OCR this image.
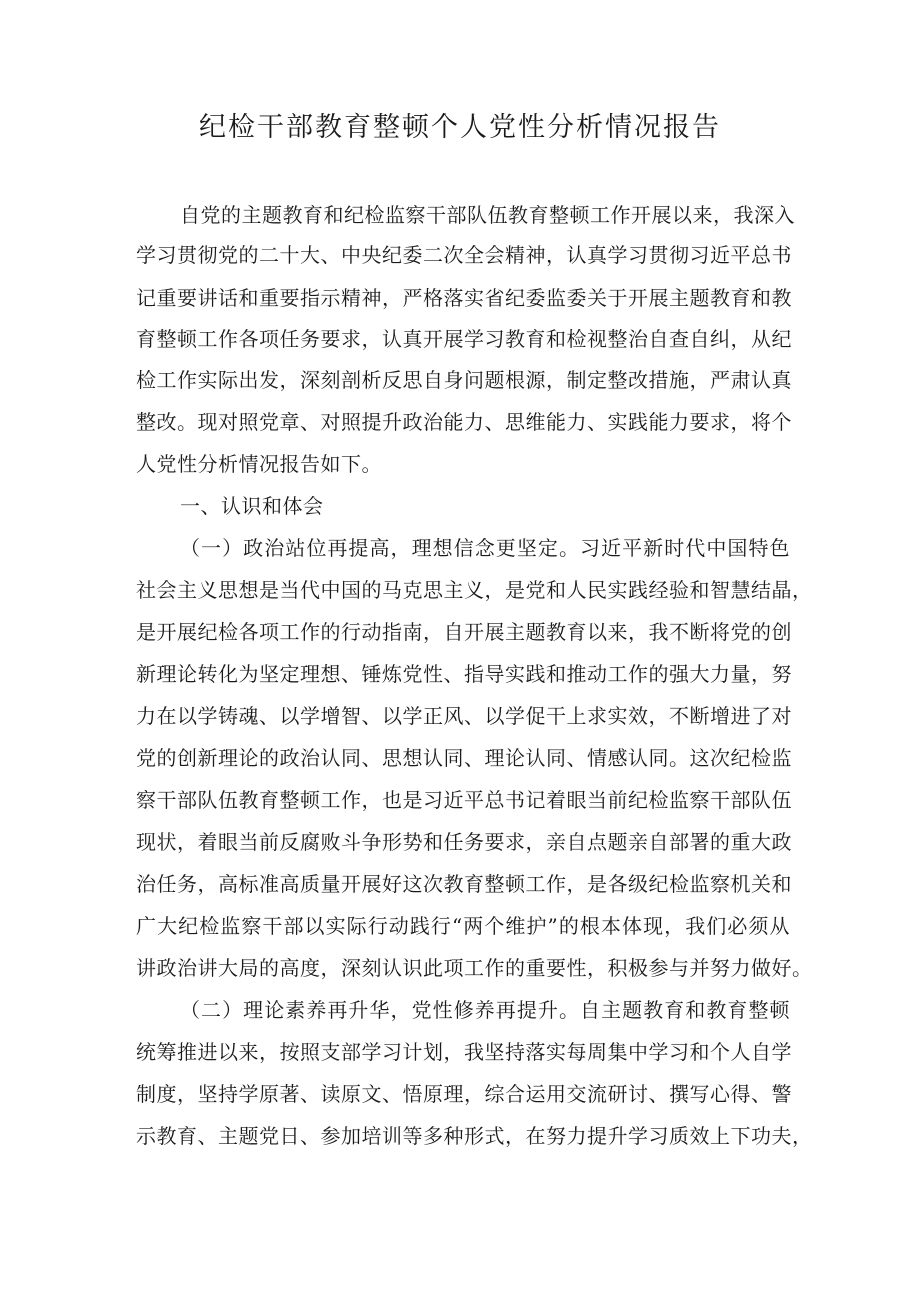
纪检干部教育整顿个人党性分析情况报告
自党的主题教育和纪检监察干部队伍教育整顿工作开展以来，我深入
学习贯彻党的二十大、中央纪委二次全会精神，认真学习贯彻习近平总书
记重要讲话和重要指示精神，严格落实省纪委监委关于开展主题教育和教
育整顿工作各项任务要求，认真开展学习教育和检视整治自查自纠，从纪
检工作实际出发，深刻剖析反思自身问题根源，制定整改措施，严肃认真
整改。现对照党章、对照提升政治能力、思维能力、实践能力要求，将个
人党性分析情况报告如下。
一、认识和体会
（一）政治站位再提高，理想信念更坚定。习近平新时代中国特色
社会主义思想是当代中国的马克思主义，是党和人民实践经验和智慧结晶，
是开展纪检各项工作的行动指南，自开展主题教育以来，我不断将党的创
新理论转化为坚定理想、锤炼党性、指导实践和推动工作的强大力量，努
力在以学铸魂、以学增智、以学正风、以学促干上求实效，不断增进了对
党的创新理论的政治认同、思想认同、理论认同、情感认同。这次纪检监
察干部队伍教育整顿工作，也是习近平总书记着眼当前纪检监察干部队伍
现状，着眼当前反腐败斗争形势和任务要求，亲自点题亲自部署的重大政
治任务，高标准高质量开展好这次教育整顿工作，是各级纪检监察机关和
广大纪检监察干部以实际行动践行“两个维护”的根本体现，我们必须从
讲政治讲大局的高度，深刻认识此项工作的重要性，积极参与并努力做好。
（二）理论素养再升华，党性修养再提升。自主题教育和教育整顿
统筹推进以来，按照支部学习计划，我坚持落实每周集中学习和个人自学
制度，坚持学原著、读原文、悟原理，综合运用交流研讨、撰写心得、警
示教育、主题党日、参加培训等多种形式，在努力提升学习质效上下功夫，
